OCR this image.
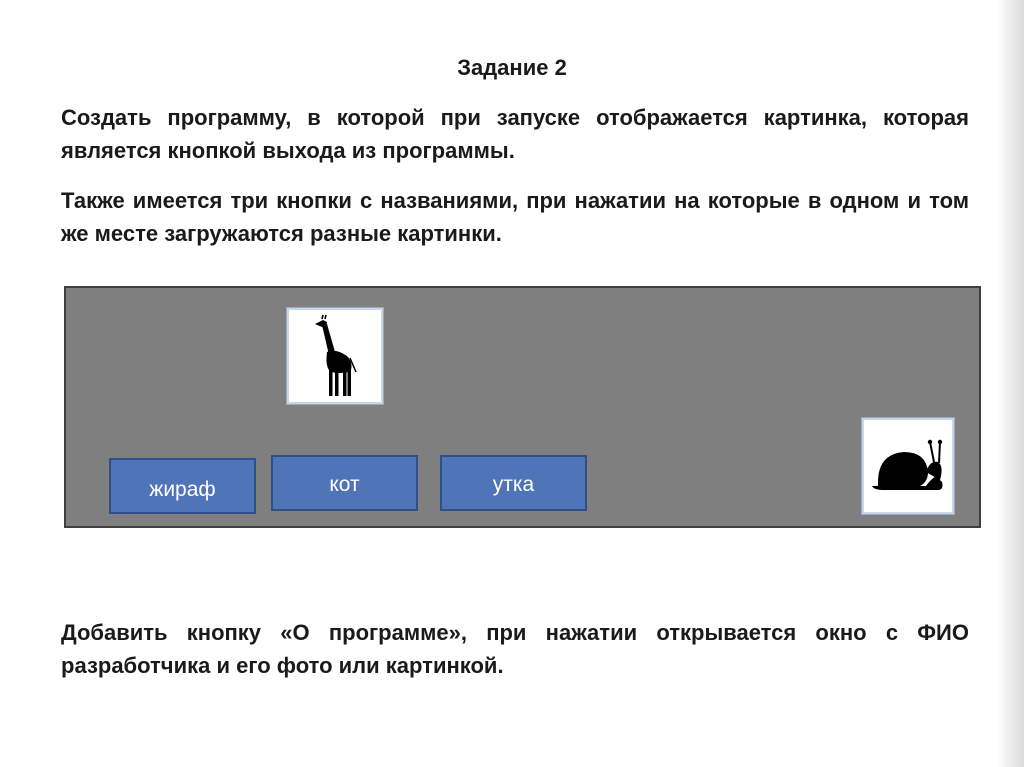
Задание 2
Создать программу, в которой при запуске отображается картинка, которая является кнопкой выхода из программы.
Также имеется три кнопки с названиями, при нажатии на которые в одном и том же месте загружаются разные картинки.
жираф	кот	утка
Добавить кнопку «О программе», при нажатии открывается окно с ФИО разработчика и его фото или картинкой.
